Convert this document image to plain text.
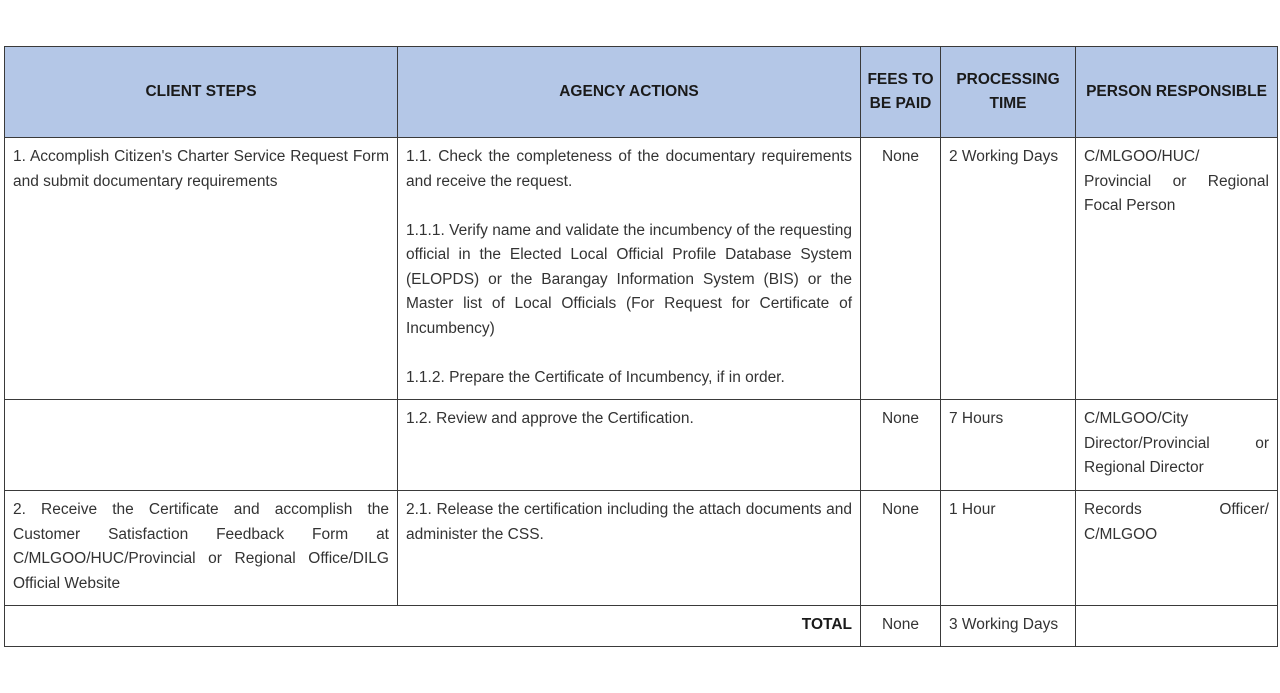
CLIENT STEPS	AGENCY ACTIONS	FEES TO BE PAID	PROCESSING TIME	PERSON RESPONSIBLE
1. Accomplish Citizen's Charter Service Request Form and submit documentary requirements	1.1. Check the completeness of the documentary requirements and receive the request.
1.1.1. Verify name and validate the incumbency of the requesting official in the Elected Local Official Profile Database System (ELOPDS) or the Barangay Information System (BIS) or the Master list of Local Officials (For Request for Certificate of Incumbency)
1.1.2. Prepare the Certificate of Incumbency, if in order.	None	2 Working Days	C/MLGOO/HUC/ Provincial or Regional Focal Person

	1.2. Review and approve the Certification.	None	7 Hours	C/MLGOO/City Director/Provincial or Regional Director
2. Receive the Certificate and accomplish the Customer Satisfaction Feedback Form at C/MLGOO/HUC/Provincial or Regional Office/DILG Official Website	2.1. Release the certification including the attach documents and administer the CSS.	None	1 Hour	Records Officer/ C/MLGOO
TOTAL		None	3 Working Days	
